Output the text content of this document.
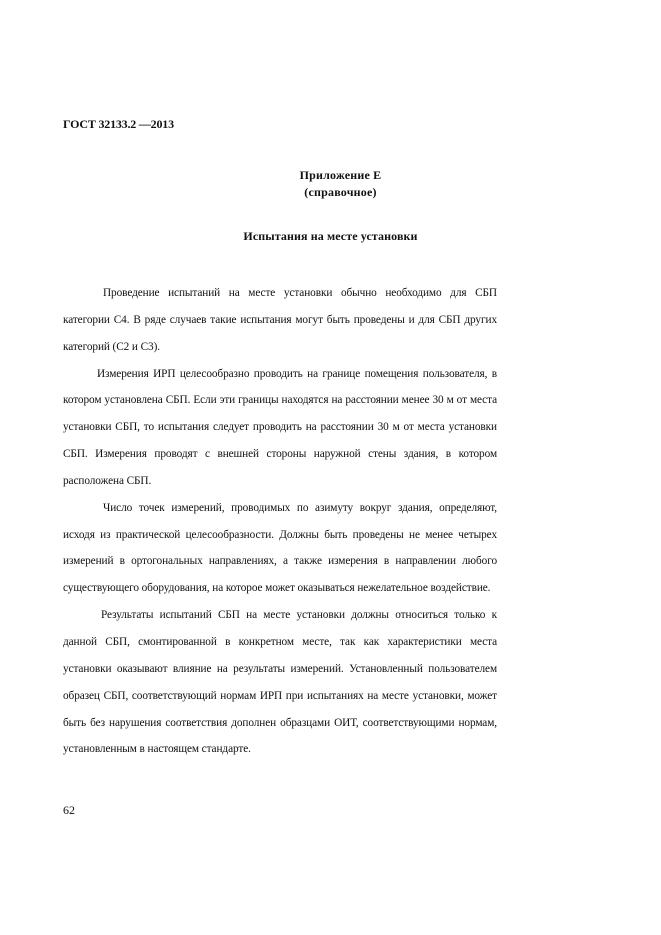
ГОСТ 32133.2 —2013
Приложение Е
(справочное)
Испытания на месте установки

Проведение испытаний на месте установки обычно необходимо для СБП категории С4. В ряде случаев такие испытания могут быть проведены и для СБП других категорий (С2 и С3).

Измерения ИРП целесообразно проводить на границе помещения пользователя, в котором установлена СБП. Если эти границы находятся на расстоянии менее 30 м от места установки СБП, то испытания следует проводить на расстоянии 30 м от места установки СБП. Измерения проводят с внешней стороны наружной стены здания, в котором расположена СБП.

Число точек измерений, проводимых по азимуту вокруг здания, определяют, исходя из практической целесообразности. Должны быть проведены не менее четырех измерений в ортогональных направлениях, а также измерения в направлении любого существующего оборудования, на которое может оказываться нежелательное воздействие.

Результаты испытаний СБП на месте установки должны относиться только к данной СБП, смонтированной в конкретном месте, так как характеристики места установки оказывают влияние на результаты измерений. Установленный пользователем образец СБП, соответствующий нормам ИРП при испытаниях на месте установки, может быть без нарушения соответствия дополнен образцами ОИТ, соответствующими нормам, установленным в настоящем стандарте.

62
